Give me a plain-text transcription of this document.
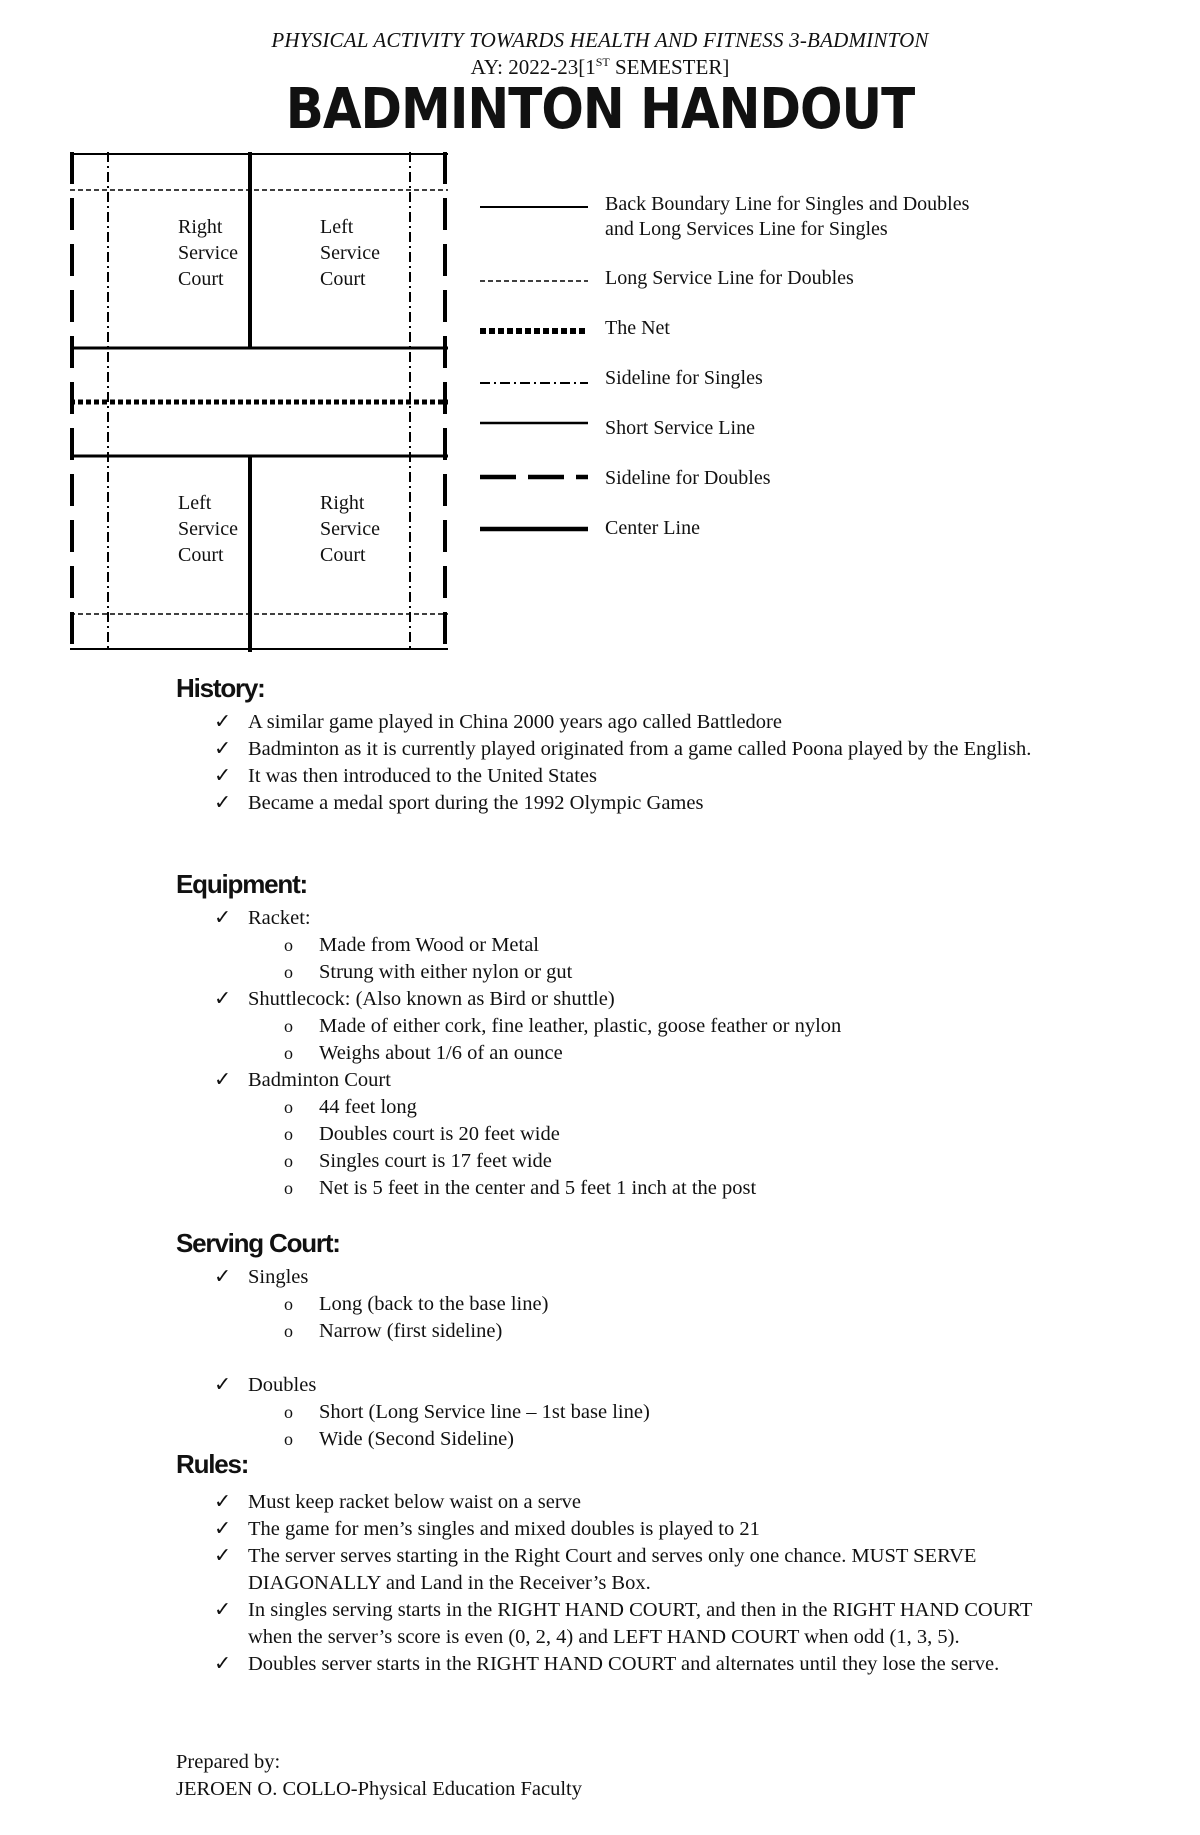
PHYSICAL ACTIVITY TOWARDS HEALTH AND FITNESS 3-BADMINTON
AY: 2022-23[1ST SEMESTER]
BADMINTON HANDOUT
Right
Service
Court
Left
Service
Court
Left
Service
Court
Right
Service
Court
Back Boundary Line for Singles and Doubles
and Long Services Line for Singles
Long Service Line for Doubles
The Net
Sideline for Singles
Short Service Line
Sideline for Doubles
Center Line
History:
✓ A similar game played in China 2000 years ago called Battledore
✓ Badminton as it is currently played originated from a game called Poona played by the English.
✓ It was then introduced to the United States
✓ Became a medal sport during the 1992 Olympic Games
Equipment:
✓ Racket:
o Made from Wood or Metal
o Strung with either nylon or gut
✓ Shuttlecock: (Also known as Bird or shuttle)
o Made of either cork, fine leather, plastic, goose feather or nylon
o Weighs about 1/6 of an ounce
✓ Badminton Court
o 44 feet long
o Doubles court is 20 feet wide
o Singles court is 17 feet wide
o Net is 5 feet in the center and 5 feet 1 inch at the post
Serving Court:
✓ Singles
o Long (back to the base line)
o Narrow (first sideline)
✓ Doubles
o Short (Long Service line – 1st base line)
o Wide (Second Sideline)
Rules:
✓ Must keep racket below waist on a serve
✓ The game for men’s singles and mixed doubles is played to 21
✓ The server serves starting in the Right Court and serves only one chance. MUST SERVE DIAGONALLY and Land in the Receiver’s Box.
✓ In singles serving starts in the RIGHT HAND COURT, and then in the RIGHT HAND COURT when the server’s score is even (0, 2, 4) and LEFT HAND COURT when odd (1, 3, 5).
✓ Doubles server starts in the RIGHT HAND COURT and alternates until they lose the serve.
Prepared by:
JEROEN O. COLLO-Physical Education Faculty
